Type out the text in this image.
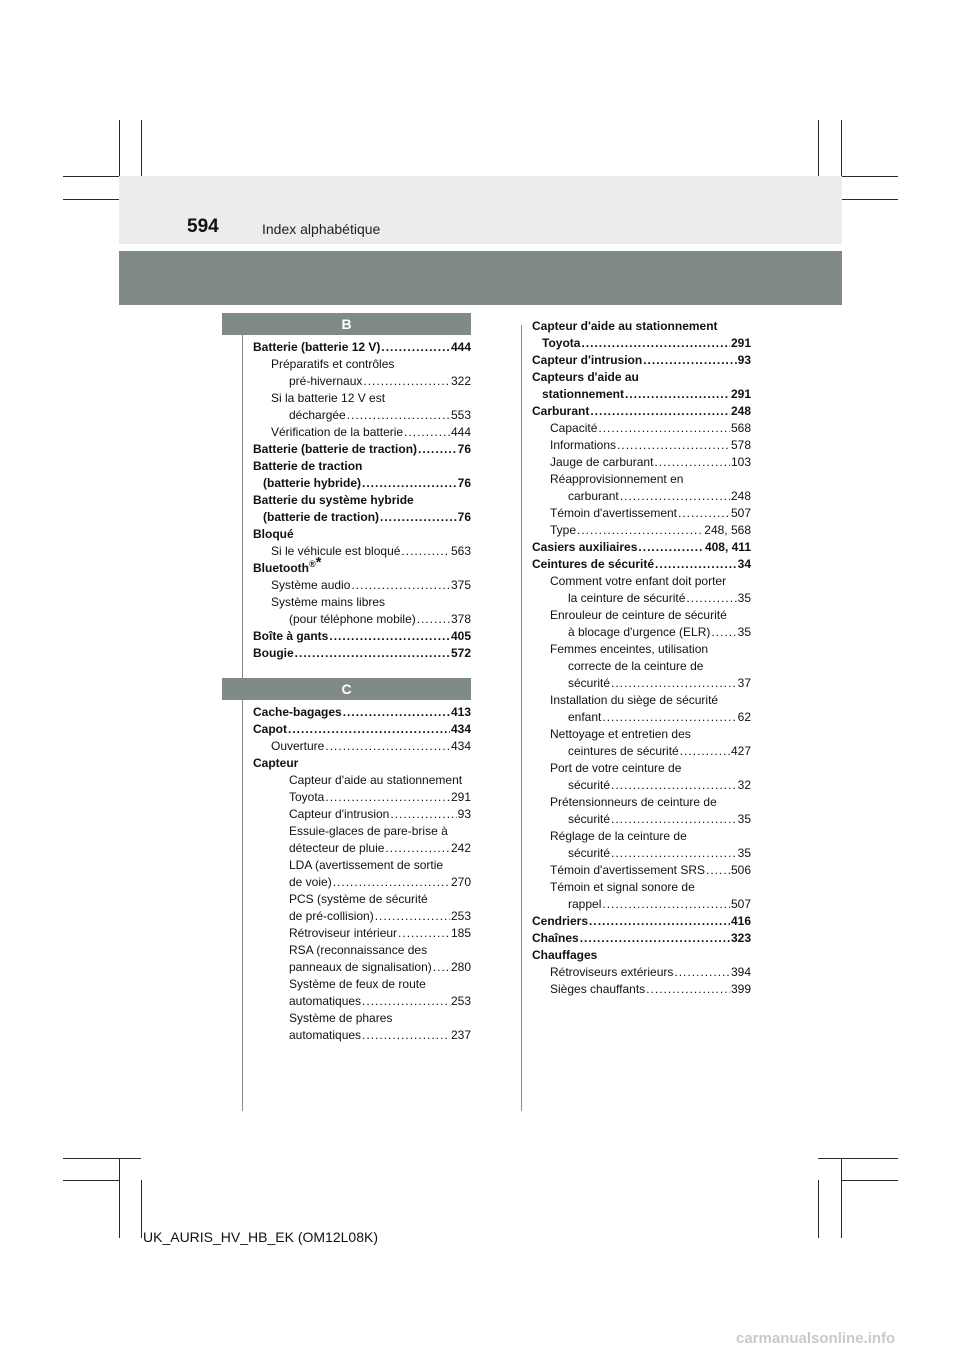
594	Index alphabétique
B
C
Batterie (batterie 12 V) .....	444
Préparatifs et contrôles
pré-hivernaux .....	322
Si la batterie 12 V est
déchargée .....	553
Vérification de la batterie .....	444
Batterie (batterie de traction) .....	76
Batterie de traction
(batterie hybride) .....	76
Batterie du système hybride
(batterie de traction) .....	76
Bloqué
Si le véhicule est bloqué .....	563
Bluetooth®*
Système audio .....	375
Système mains libres
(pour téléphone mobile) .....	378
Boîte à gants .....	405
Bougie .....	572
Cache-bagages .....	413
Capot .....	434
Ouverture .....	434
Capteur
Capteur d'aide au stationnement
Toyota .....	291
Capteur d'intrusion .....	93
Essuie-glaces de pare-brise à
détecteur de pluie .....	242
LDA (avertissement de sortie
de voie) .....	270
PCS (système de sécurité
de pré-collision) .....	253
Rétroviseur intérieur .....	185
RSA (reconnaissance des
panneaux de signalisation) ..... 280
Système de feux de route
automatiques .....	253
Système de phares
automatiques .....	237
Capteur d'aide au stationnement
Toyota .....	291
Capteur d'intrusion .....	93
Capteurs d'aide au
stationnement .....	291
Carburant .....	248
Capacité .....	568
Informations .....	578
Jauge de carburant .....	103
Réapprovisionnement en
carburant .....	248
Témoin d'avertissement .....	507
Type .....	248, 568
Casiers auxiliaires .....	408, 411
Ceintures de sécurité .....	34
Comment votre enfant doit porter
la ceinture de sécurité .....	35
Enrouleur de ceinture de sécurité
à blocage d'urgence (ELR) ..... 35
Femmes enceintes, utilisation
correcte de la ceinture de
sécurité .....	37
Installation du siège de sécurité
enfant .....	62
Nettoyage et entretien des
ceintures de sécurité .....	427
Port de votre ceinture de
sécurité .....	32
Prétensionneurs de ceinture de
sécurité .....	35
Réglage de la ceinture de
sécurité .....	35
Témoin d'avertissement SRS ..... 506
Témoin et signal sonore de
rappel .....	507
Cendriers .....	416
Chaînes .....	323
Chauffages
Rétroviseurs extérieurs .....	394
Sièges chauffants .....	399
UK_AURIS_HV_HB_EK (OM12L08K)
carmanualsonline.info
